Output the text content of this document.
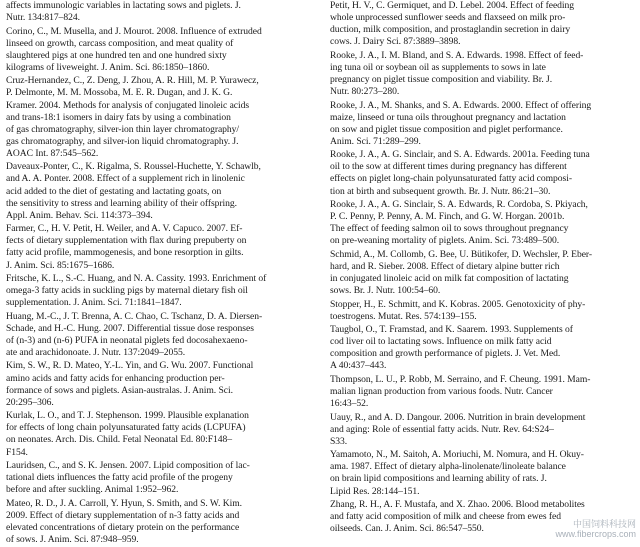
affects immunologic variables in lactating sows and piglets. J.
Nutr. 134:817–824.

Corino, C., M. Musella, and J. Mourot. 2008. Influence of extruded
linseed on growth, carcass composition, and meat quality of
slaughtered pigs at one hundred ten and one hundred sixty
kilograms of liveweight. J. Anim. Sci. 86:1850–1860.

Cruz-Hernandez, C., Z. Deng, J. Zhou, A. R. Hill, M. P. Yurawecz,
P. Delmonte, M. M. Mossoba, M. E. R. Dugan, and J. K. G.
Kramer. 2004. Methods for analysis of conjugated linoleic acids
and trans-18:1 isomers in dairy fats by using a combination
of gas chromatography, silver-ion thin layer chromatography/
gas chromatography, and silver-ion liquid chromatography. J.
AOAC Int. 87:545–562.

Daveaux-Ponter, C., K. Rigalma, S. Roussel-Huchette, Y. Schawlb,
and A. A. Ponter. 2008. Effect of a supplement rich in linolenic
acid added to the diet of gestating and lactating goats, on
the sensitivity to stress and learning ability of their offspring.
Appl. Anim. Behav. Sci. 114:373–394.

Farmer, C., H. V. Petit, H. Weiler, and A. V. Capuco. 2007. Ef-
fects of dietary supplementation with flax during prepuberty on
fatty acid profile, mammogenesis, and bone resorption in gilts.
J. Anim. Sci. 85:1675–1686.

Fritsche, K. L., S.-C. Huang, and N. A. Cassity. 1993. Enrichment of
omega-3 fatty acids in suckling pigs by maternal dietary fish oil
supplementation. J. Anim. Sci. 71:1841–1847.

Huang, M.-C., J. T. Brenna, A. C. Chao, C. Tschanz, D. A. Diersen-
Schade, and H.-C. Hung. 2007. Differential tissue dose responses
of (n-3) and (n-6) PUFA in neonatal piglets fed docosahexaeno-
ate and arachidonoate. J. Nutr. 137:2049–2055.

Kim, S. W., R. D. Mateo, Y.-L. Yin, and G. Wu. 2007. Functional
amino acids and fatty acids for enhancing production per-
formance of sows and piglets. Asian-australas. J. Anim. Sci.
20:295–306.

Kurlak, L. O., and T. J. Stephenson. 1999. Plausible explanation
for effects of long chain polyunsaturated fatty acids (LCPUFA)
on neonates. Arch. Dis. Child. Fetal Neonatal Ed. 80:F148–
F154.

Lauridsen, C., and S. K. Jensen. 2007. Lipid composition of lac-
tational diets influences the fatty acid profile of the progeny
before and after suckling. Animal 1:952–962.

Mateo, R. D., J. A. Carroll, Y. Hyun, S. Smith, and S. W. Kim.
2009. Effect of dietary supplementation of n-3 fatty acids and
elevated concentrations of dietary protein on the performance
of sows. J. Anim. Sci. 87:948–959.

Petit, H. V., C. Germiquet, and D. Lebel. 2004. Effect of feeding
whole unprocessed sunflower seeds and flaxseed on milk pro-
duction, milk composition, and prostaglandin secretion in dairy
cows. J. Dairy Sci. 87:3889–3898.

Rooke, J. A., I. M. Bland, and S. A. Edwards. 1998. Effect of feed-
ing tuna oil or soybean oil as supplements to sows in late
pregnancy on piglet tissue composition and viability. Br. J.
Nutr. 80:273–280.

Rooke, J. A., M. Shanks, and S. A. Edwards. 2000. Effect of offering
maize, linseed or tuna oils throughout pregnancy and lactation
on sow and piglet tissue composition and piglet performance.
Anim. Sci. 71:289–299.

Rooke, J. A., A. G. Sinclair, and S. A. Edwards. 2001a. Feeding tuna
oil to the sow at different times during pregnancy has different
effects on piglet long-chain polyunsaturated fatty acid composi-
tion at birth and subsequent growth. Br. J. Nutr. 86:21–30.

Rooke, J. A., A. G. Sinclair, S. A. Edwards, R. Cordoba, S. Pkiyach,
P. C. Penny, P. Penny, A. M. Finch, and G. W. Horgan. 2001b.
The effect of feeding salmon oil to sows throughout pregnancy
on pre-weaning mortality of piglets. Anim. Sci. 73:489–500.

Schmid, A., M. Collomb, G. Bee, U. Bütikofer, D. Wechsler, P. Eber-
hard, and R. Sieber. 2008. Effect of dietary alpine butter rich
in conjugated linoleic acid on milk fat composition of lactating
sows. Br. J. Nutr. 100:54–60.

Stopper, H., E. Schmitt, and K. Kobras. 2005. Genotoxicity of phy-
toestrogens. Mutat. Res. 574:139–155.

Taugbol, O., T. Framstad, and K. Saarem. 1993. Supplements of
cod liver oil to lactating sows. Influence on milk fatty acid
composition and growth performance of piglets. J. Vet. Med.
A 40:437–443.

Thompson, L. U., P. Robb, M. Serraino, and F. Cheung. 1991. Mam-
malian lignan production from various foods. Nutr. Cancer
16:43–52.

Uauy, R., and A. D. Dangour. 2006. Nutrition in brain development
and aging: Role of essential fatty acids. Nutr. Rev. 64:S24–
S33.

Yamamoto, N., M. Saitoh, A. Moriuchi, M. Nomura, and H. Okuy-
ama. 1987. Effect of dietary alpha-linolenate/linoleate balance
on brain lipid compositions and learning ability of rats. J.
Lipid Res. 28:144–151.

Zhang, R. H., A. F. Mustafa, and X. Zhao. 2006. Blood metabolites
and fatty acid composition of milk and cheese from ewes fed
oilseeds. Can. J. Anim. Sci. 86:547–550.	中国饲料科技网
www.fibercrops.com
